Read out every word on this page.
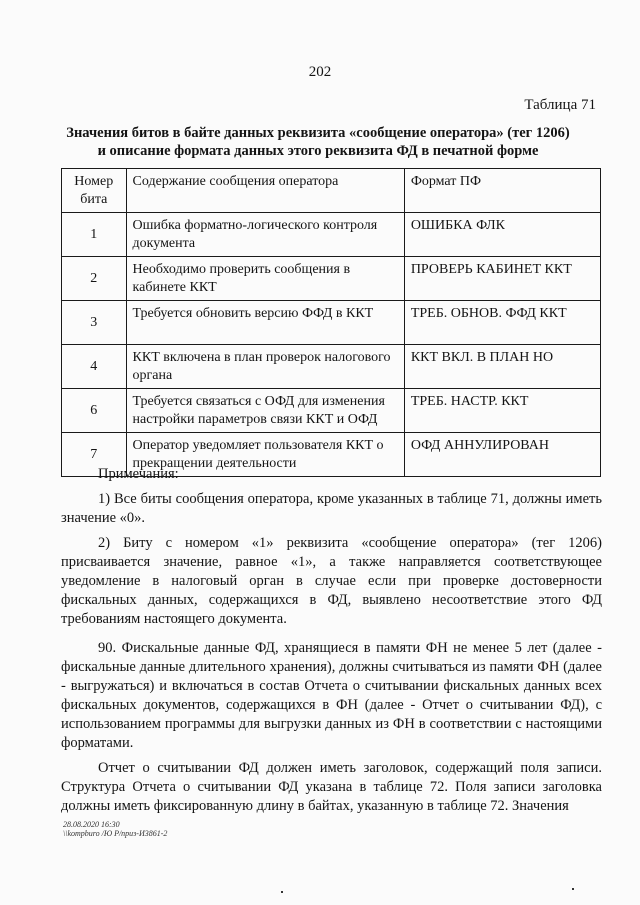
202
Таблица 71
Значения битов в байте данных реквизита «сообщение оператора» (тег 1206)
и описание формата данных этого реквизита ФД в печатной форме
Номер бита	Содержание сообщения оператора	Формат ПФ
1	Ошибка форматно-логического контроля документа	ОШИБКА ФЛК
2	Необходимо проверить сообщения в кабинете ККТ	ПРОВЕРЬ КАБИНЕТ ККТ
3	Требуется обновить версию ФФД в ККТ	ТРЕБ. ОБНОВ. ФФД ККТ
4	ККТ включена в план проверок налогового органа	ККТ ВКЛ. В ПЛАН НО
6	Требуется связаться с ОФД для изменения настройки параметров связи ККТ и ОФД	ТРЕБ. НАСТР. ККТ
7	Оператор уведомляет пользователя ККТ о прекращении деятельности	ОФД АННУЛИРОВАН

Примечания:

1) Все биты сообщения оператора, кроме указанных в таблице 71, должны иметь значение «0».

2) Биту с номером «1» реквизита «сообщение оператора» (тег 1206) присваивается значение, равное «1», а также направляется соответствующее уведомление в налоговый орган в случае если при проверке достоверности фискальных данных, содержащихся в ФД, выявлено несоответствие этого ФД требованиям настоящего документа.

90. Фискальные данные ФД, хранящиеся в памяти ФН не менее 5 лет (далее - фискальные данные длительного хранения), должны считываться из памяти ФН (далее - выгружаться) и включаться в состав Отчета о считывании фискальных данных всех фискальных документов, содержащихся в ФН (далее - Отчет о считывании ФД), с использованием программы для выгрузки данных из ФН в соответствии с настоящими форматами.

Отчет о считывании ФД должен иметь заголовок, содержащий поля записи. Структура Отчета о считывании ФД указана в таблице 72. Поля записи заголовка должны иметь фиксированную длину в байтах, указанную в таблице 72. Значения

28.08.2020 16:30
\\kompburo /Ю Р/приз-И3861-2
